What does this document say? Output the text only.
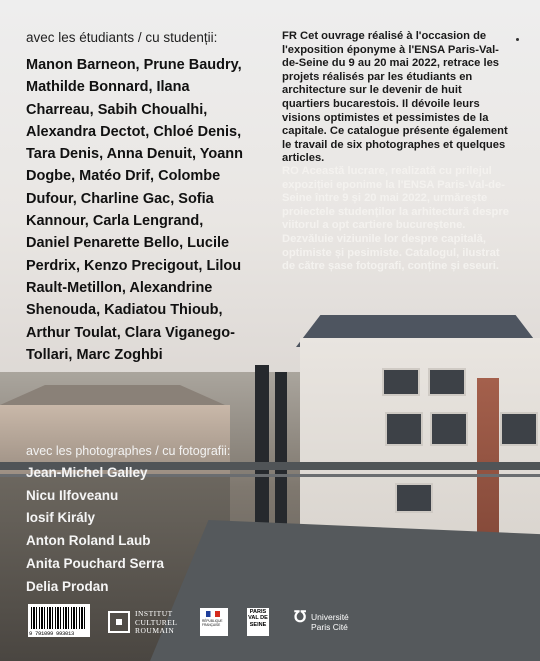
avec les étudiants / cu studenții:
Manon Barneon, Prune Baudry,
Mathilde Bonnard, Ilana
Charreau, Sabih Choualhi,
Alexandra Dectot, Chloé Denis,
Tara Denis, Anna Denuit, Yoann
Dogbe, Matéo Drif, Colombe
Dufour, Charline Gac, Sofia
Kannour, Carla Lengrand,
Daniel Penarette Bello, Lucile
Perdrix, Kenzo Precigout, Lilou
Rault-Metillon, Alexandrine
Shenouda, Kadiatou Thioub,
Arthur Toulat, Clara Viganego-
Tollari, Marc Zoghbi
FR Cet ouvrage réalisé à l'occasion de l'exposition éponyme à l'ENSA Paris-Val-de-Seine du 9 au 20 mai 2022, retrace les projets réalisés par les étudiants en architecture sur le devenir de huit quartiers bucarestois. Il dévoile leurs visions optimistes et pessimistes de la capitale. Ce catalogue présente également le travail de six photographes et quelques articles.
RO Această lucrare, realizată cu prilejul expoziției eponime la l'ENSA Paris-Val-de-Seine între 9 și 20 mai 2022, urmărește proiectele studenților la arhitectură despre viitorul a opt cartiere bucureștene. Dezvăluie viziunile lor despre capitală, optimiste și pesimiste. Catalogul, ilustrat de către șase fotografi, conține și eseuri.
avec les photographes / cu fotografii:
Jean-Michel Galley
Nicu Ilfoveanu
Iosif Király
Anton Roland Laub
Anita Pouchard Serra
Delia Prodan
9 791099 993013
INSTITUT
CULTUREL
ROUMAIN
RÉPUBLIQUE FRANÇAISE
PARIS
VAL DE
SEINE ℧ Université
Paris Cité
